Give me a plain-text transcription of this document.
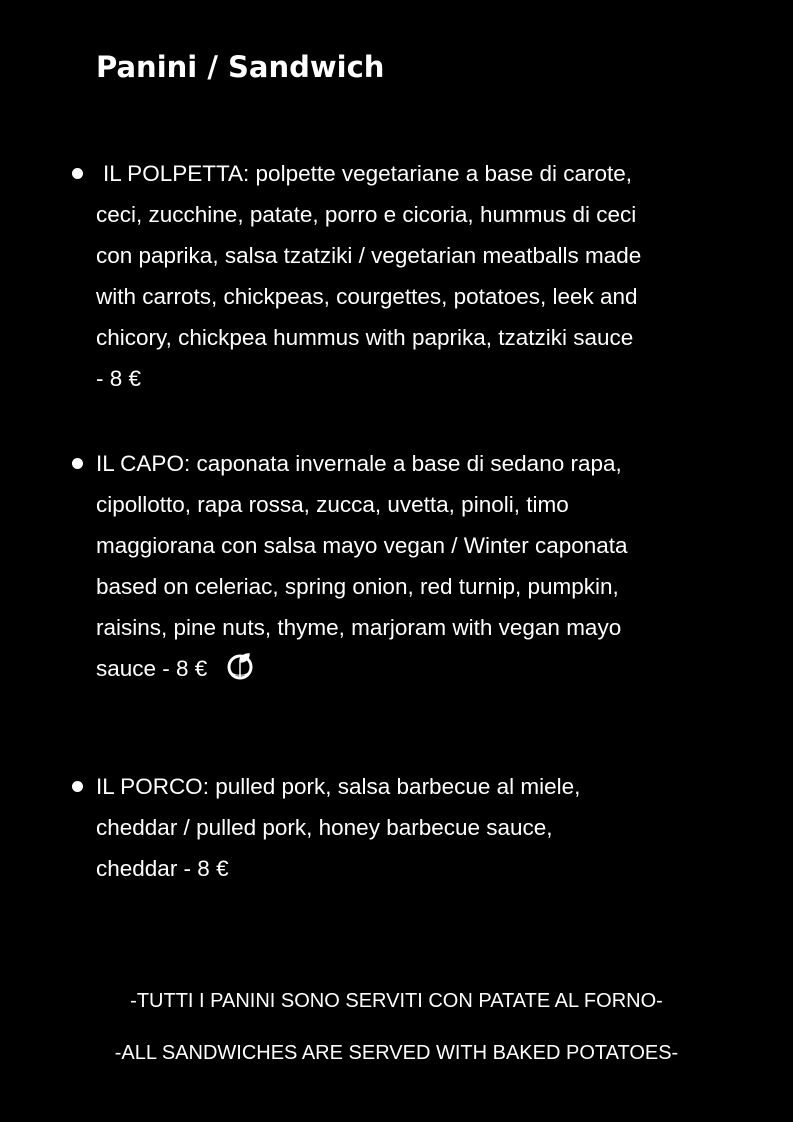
Panini / Sandwich
IL POLPETTA: polpette vegetariane a base di carote,
ceci, zucchine, patate, porro e cicoria, hummus di ceci
con paprika, salsa tzatziki / vegetarian meatballs made
with carrots, chickpeas, courgettes, potatoes, leek and
chicory, chickpea hummus with paprika, tzatziki sauce
- 8 €
IL CAPO: caponata invernale a base di sedano rapa,
cipollotto, rapa rossa, zucca, uvetta, pinoli, timo
maggiorana con salsa mayo vegan / Winter caponata
based on celeriac, spring onion, red turnip, pumpkin,
raisins, pine nuts, thyme, marjoram with vegan mayo
sauce - 8 €
IL PORCO: pulled pork, salsa barbecue al miele,
cheddar / pulled pork, honey barbecue sauce,
cheddar - 8 €
-TUTTI I PANINI SONO SERVITI CON PATATE AL FORNO-
-ALL SANDWICHES ARE SERVED WITH BAKED POTATOES-
